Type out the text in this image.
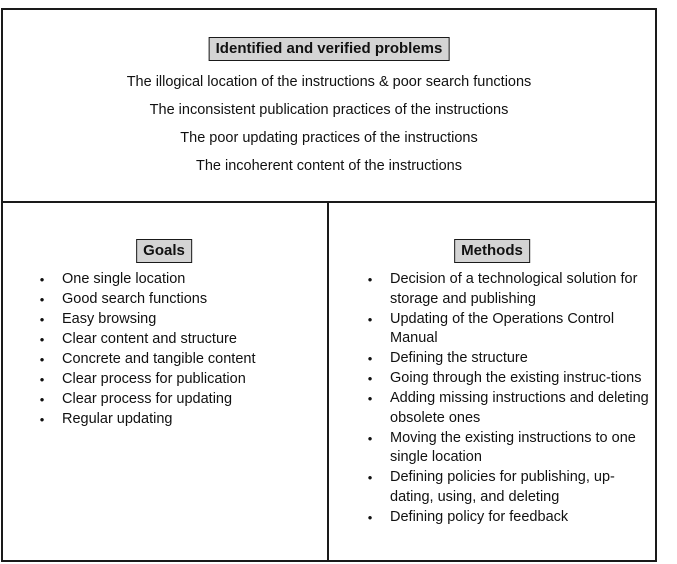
Identified and verified problems
The illogical location of the instructions & poor search functions
The inconsistent publication practices of the instructions
The poor updating practices of the instructions
The incoherent content of the instructions
Goals
• One single location
• Good search functions
• Easy browsing
• Clear content and structure
• Concrete and tangible content
• Clear process for publication
• Clear process for updating
• Regular updating
Methods
• Decision of a technological solution for storage and publishing
• Updating of the Operations Control Manual
• Defining the structure
• Going through the existing instruc-tions
• Adding missing instructions and deleting obsolete ones
• Moving the existing instructions to one single location
• Defining policies for publishing, up-dating, using, and deleting
• Defining policy for feedback
